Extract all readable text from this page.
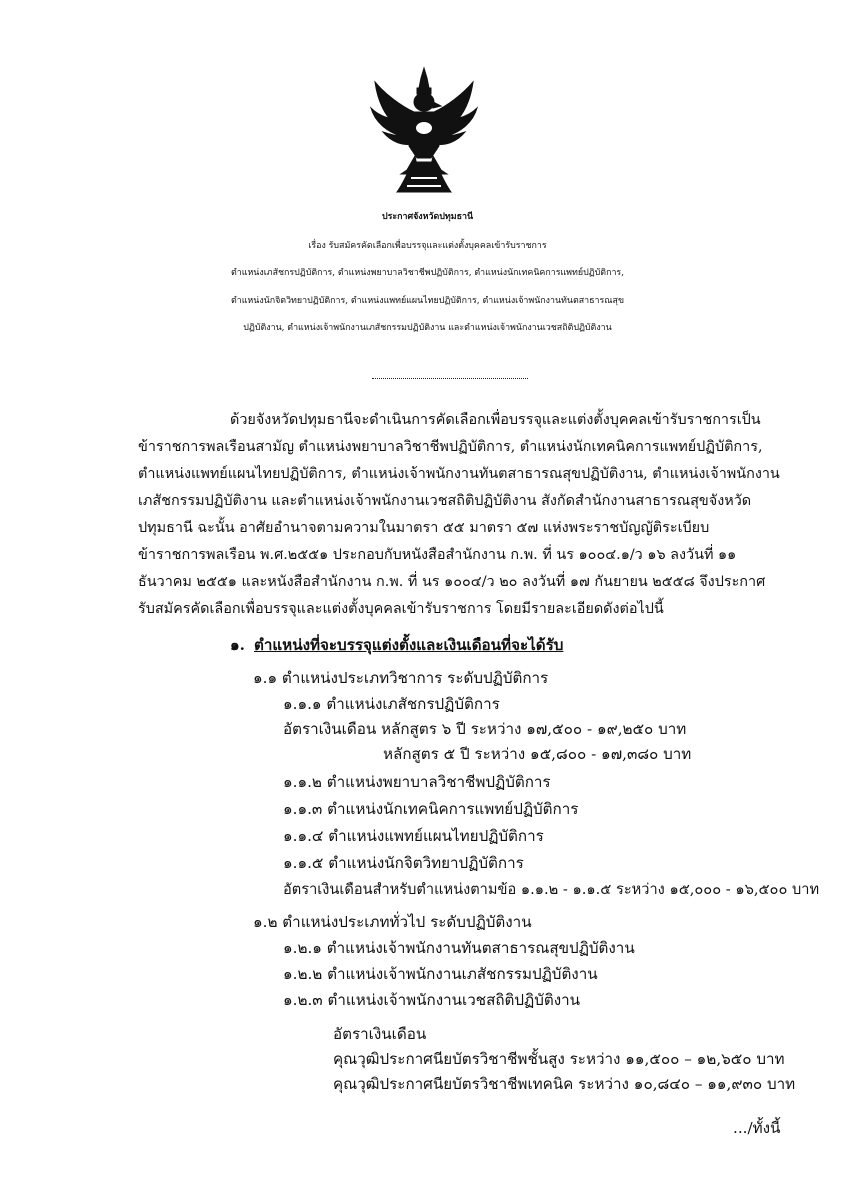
ประกาศจังหวัดปทุมธานี
เรื่อง รับสมัครคัดเลือกเพื่อบรรจุและแต่งตั้งบุคคลเข้ารับราชการ
ตำแหน่งเภสัชกรปฏิบัติการ, ตำแหน่งพยาบาลวิชาชีพปฏิบัติการ, ตำแหน่งนักเทคนิคการแพทย์ปฏิบัติการ,
ตำแหน่งนักจิตวิทยาปฏิบัติการ, ตำแหน่งแพทย์แผนไทยปฏิบัติการ, ตำแหน่งเจ้าพนักงานทันตสาธารณสุข
ปฏิบัติงาน, ตำแหน่งเจ้าพนักงานเภสัชกรรมปฏิบัติงาน และตำแหน่งเจ้าพนักงานเวชสถิติปฏิบัติงาน
ด้วยจังหวัดปทุมธานีจะดำเนินการคัดเลือกเพื่อบรรจุและแต่งตั้งบุคคลเข้ารับราชการเป็น
ข้าราชการพลเรือนสามัญ ตำแหน่งพยาบาลวิชาชีพปฏิบัติการ, ตำแหน่งนักเทคนิคการแพทย์ปฏิบัติการ,
ตำแหน่งแพทย์แผนไทยปฏิบัติการ, ตำแหน่งเจ้าพนักงานทันตสาธารณสุขปฏิบัติงาน, ตำแหน่งเจ้าพนักงาน
เภสัชกรรมปฏิบัติงาน และตำแหน่งเจ้าพนักงานเวชสถิติปฏิบัติงาน สังกัดสำนักงานสาธารณสุขจังหวัด
ปทุมธานี ฉะนั้น อาศัยอำนาจตามความในมาตรา ๕๕ มาตรา ๕๗ แห่งพระราชบัญญัติระเบียบ
ข้าราชการพลเรือน พ.ศ.๒๕๕๑ ประกอบกับหนังสือสำนักงาน ก.พ. ที่ นร ๑๐๐๔.๑/ว ๑๖ ลงวันที่ ๑๑
ธันวาคม ๒๕๕๑ และหนังสือสำนักงาน ก.พ. ที่ นร ๑๐๐๔/ว ๒๐ ลงวันที่ ๑๗ กันยายน ๒๕๕๘ จึงประกาศ
รับสมัครคัดเลือกเพื่อบรรจุและแต่งตั้งบุคคลเข้ารับราชการ โดยมีรายละเอียดดังต่อไปนี้
๑. ตำแหน่งที่จะบรรจุแต่งตั้งและเงินเดือนที่จะได้รับ
๑.๑ ตำแหน่งประเภทวิชาการ ระดับปฏิบัติการ
๑.๑.๑ ตำแหน่งเภสัชกรปฏิบัติการ
อัตราเงินเดือน หลักสูตร ๖ ปี ระหว่าง ๑๗,๕๐๐ - ๑๙,๒๕๐ บาท
หลักสูตร ๕ ปี ระหว่าง ๑๕,๘๐๐ - ๑๗,๓๘๐ บาท
๑.๑.๒ ตำแหน่งพยาบาลวิชาชีพปฏิบัติการ
๑.๑.๓ ตำแหน่งนักเทคนิคการแพทย์ปฏิบัติการ
๑.๑.๔ ตำแหน่งแพทย์แผนไทยปฏิบัติการ
๑.๑.๕ ตำแหน่งนักจิตวิทยาปฏิบัติการ
อัตราเงินเดือนสำหรับตำแหน่งตามข้อ ๑.๑.๒ - ๑.๑.๕ ระหว่าง ๑๕,๐๐๐ - ๑๖,๕๐๐ บาท
๑.๒ ตำแหน่งประเภททั่วไป ระดับปฏิบัติงาน
๑.๒.๑ ตำแหน่งเจ้าพนักงานทันตสาธารณสุขปฏิบัติงาน
๑.๒.๒ ตำแหน่งเจ้าพนักงานเภสัชกรรมปฏิบัติงาน
๑.๒.๓ ตำแหน่งเจ้าพนักงานเวชสถิติปฏิบัติงาน
อัตราเงินเดือน
คุณวุฒิประกาศนียบัตรวิชาชีพชั้นสูง ระหว่าง ๑๑,๕๐๐ – ๑๒,๖๕๐ บาท
คุณวุฒิประกาศนียบัตรวิชาชีพเทคนิค ระหว่าง ๑๐,๘๔๐ – ๑๑,๙๓๐ บาท
.../ทั้งนี้
